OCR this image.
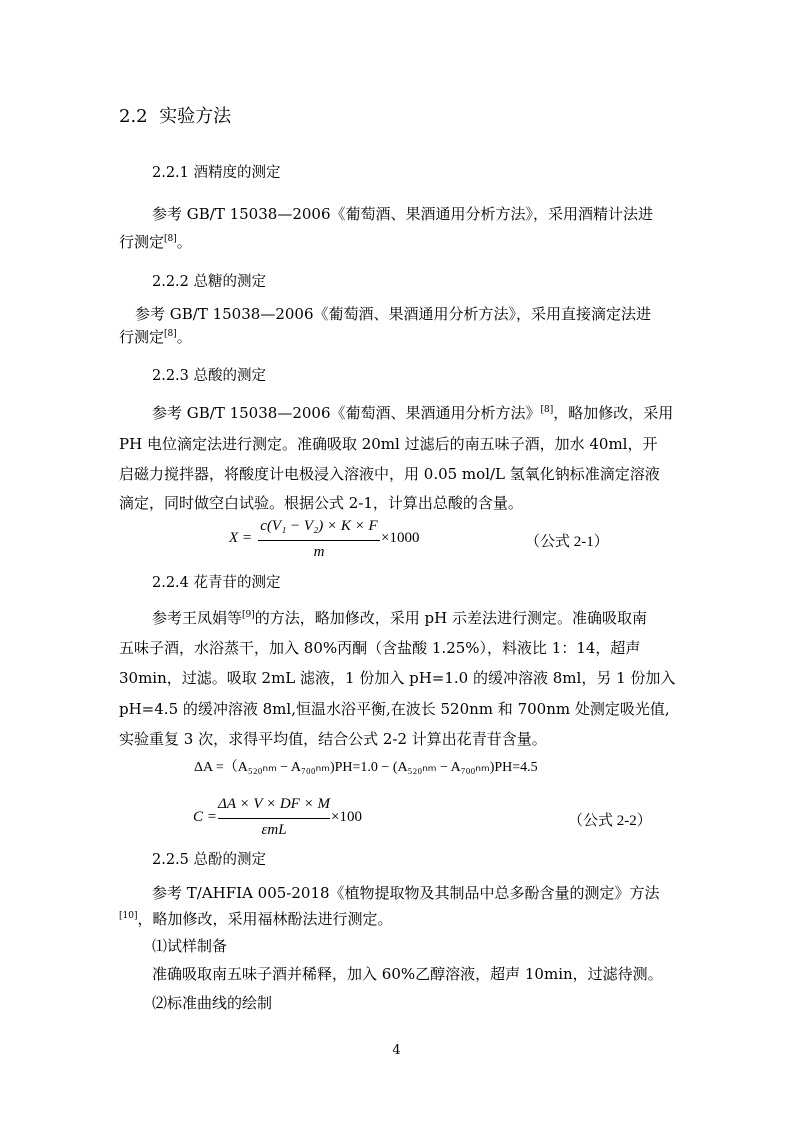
2.2 实验方法
2.2.1 酒精度的测定
参考 GB/T 15038—2006《葡萄酒、果酒通用分析方法》，采用酒精计法进
行测定[8]。
2.2.2 总糖的测定
参考 GB/T 15038—2006《葡萄酒、果酒通用分析方法》，采用直接滴定法进
行测定[8]。
2.2.3 总酸的测定
参考 GB/T 15038—2006《葡萄酒、果酒通用分析方法》[8]，略加修改，采用
PH 电位滴定法进行测定。准确吸取 20ml 过滤后的南五味子酒，加水 40ml，开
启磁力搅拌器，将酸度计电极浸入溶液中，用 0.05 mol/L 氢氧化钠标准滴定溶液
滴定，同时做空白试验。根据公式 2-1，计算出总酸的含量。
X =
c(V₁ − V₂) × K × F
m
×1000	（公式 2-1）
2.2.4 花青苷的测定
参考王凤娟等[9]的方法，略加修改，采用 pH 示差法进行测定。准确吸取南
五味子酒，水浴蒸干，加入 80%丙酮（含盐酸 1.25%），料液比 1：14，超声
30min，过滤。吸取 2mL 滤液，1 份加入 pH=1.0 的缓冲溶液 8ml，另 1 份加入
pH=4.5 的缓冲溶液 8ml,恒温水浴平衡,在波长 520nm 和 700nm 处测定吸光值,
实验重复 3 次，求得平均值，结合公式 2-2 计算出花青苷含量。
ΔA =（A₅₂₀ₙₘ − A₇₀₀ₙₘ)PH=1.0 − (A₅₂₀ₙₘ − A₇₀₀ₙₘ)PH=4.5
C =
ΔA × V × DF × M
εmL
×100	（公式 2-2）
2.2.5 总酚的测定
参考 T/AHFIA 005-2018《植物提取物及其制品中总多酚含量的测定》方法
[10]，略加修改，采用福林酚法进行测定。
⑴试样制备
准确吸取南五味子酒并稀释，加入 60%乙醇溶液，超声 10min，过滤待测。
⑵标准曲线的绘制
4
